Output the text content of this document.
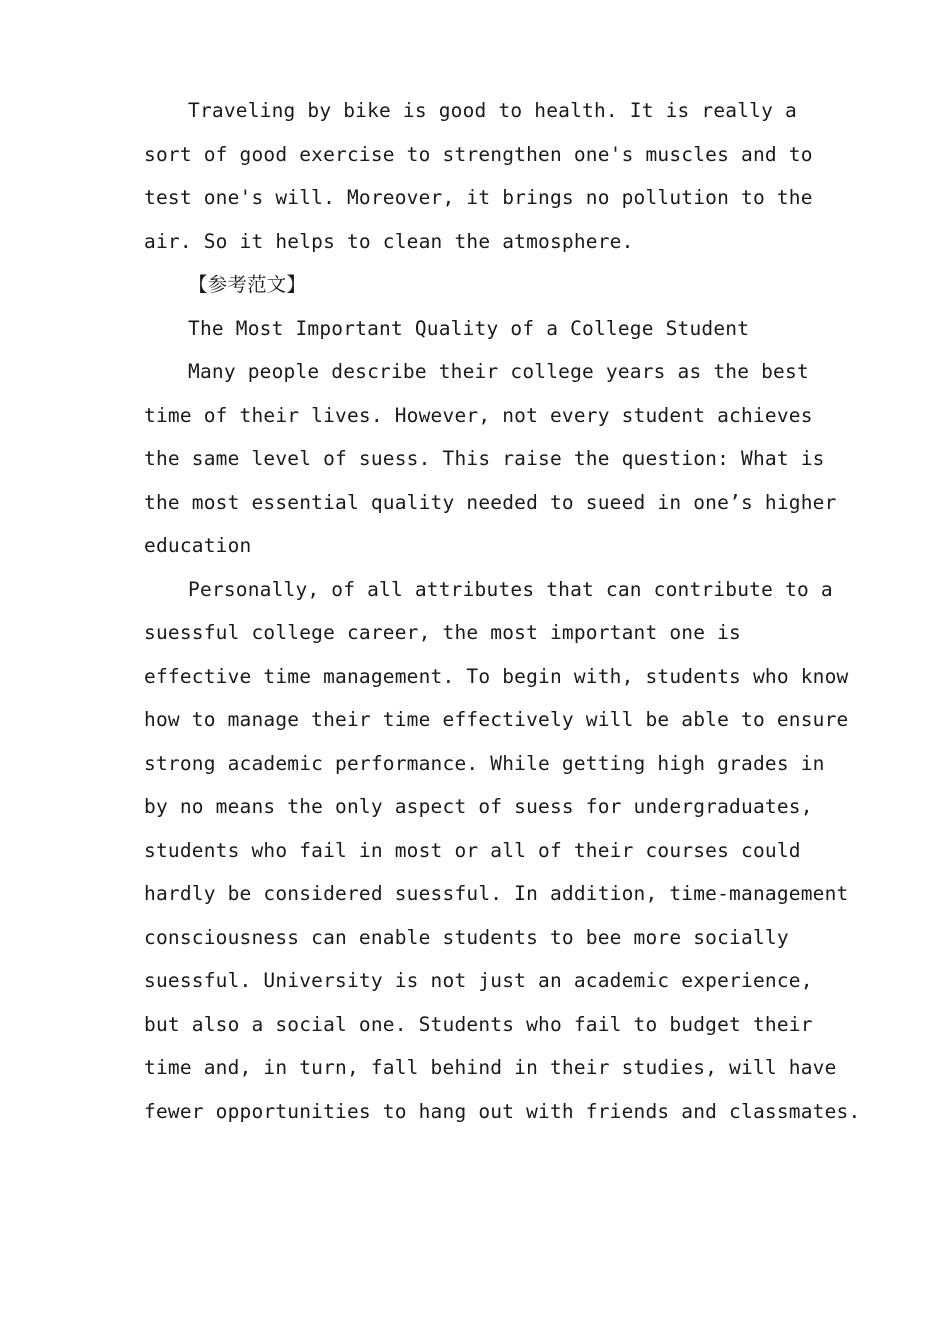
Traveling by bike is good to health. It is really a
sort of good exercise to strengthen one's muscles and to
test one's will. Moreover, it brings no pollution to the
air. So it helps to clean the atmosphere.
【参考范文】
The Most Important Quality of a College Student
Many people describe their college years as the best
time of their lives. However, not every student achieves
the same level of suess. This raise the question: What is
the most essential quality needed to sueed in one’s higher
education
Personally, of all attributes that can contribute to a
suessful college career, the most important one is
effective time management. To begin with, students who know
how to manage their time effectively will be able to ensure
strong academic performance. While getting high grades in
by no means the only aspect of suess for undergraduates,
students who fail in most or all of their courses could
hardly be considered suessful. In addition, time-management
consciousness can enable students to bee more socially
suessful. University is not just an academic experience,
but also a social one. Students who fail to budget their
time and, in turn, fall behind in their studies, will have
fewer opportunities to hang out with friends and classmates.
